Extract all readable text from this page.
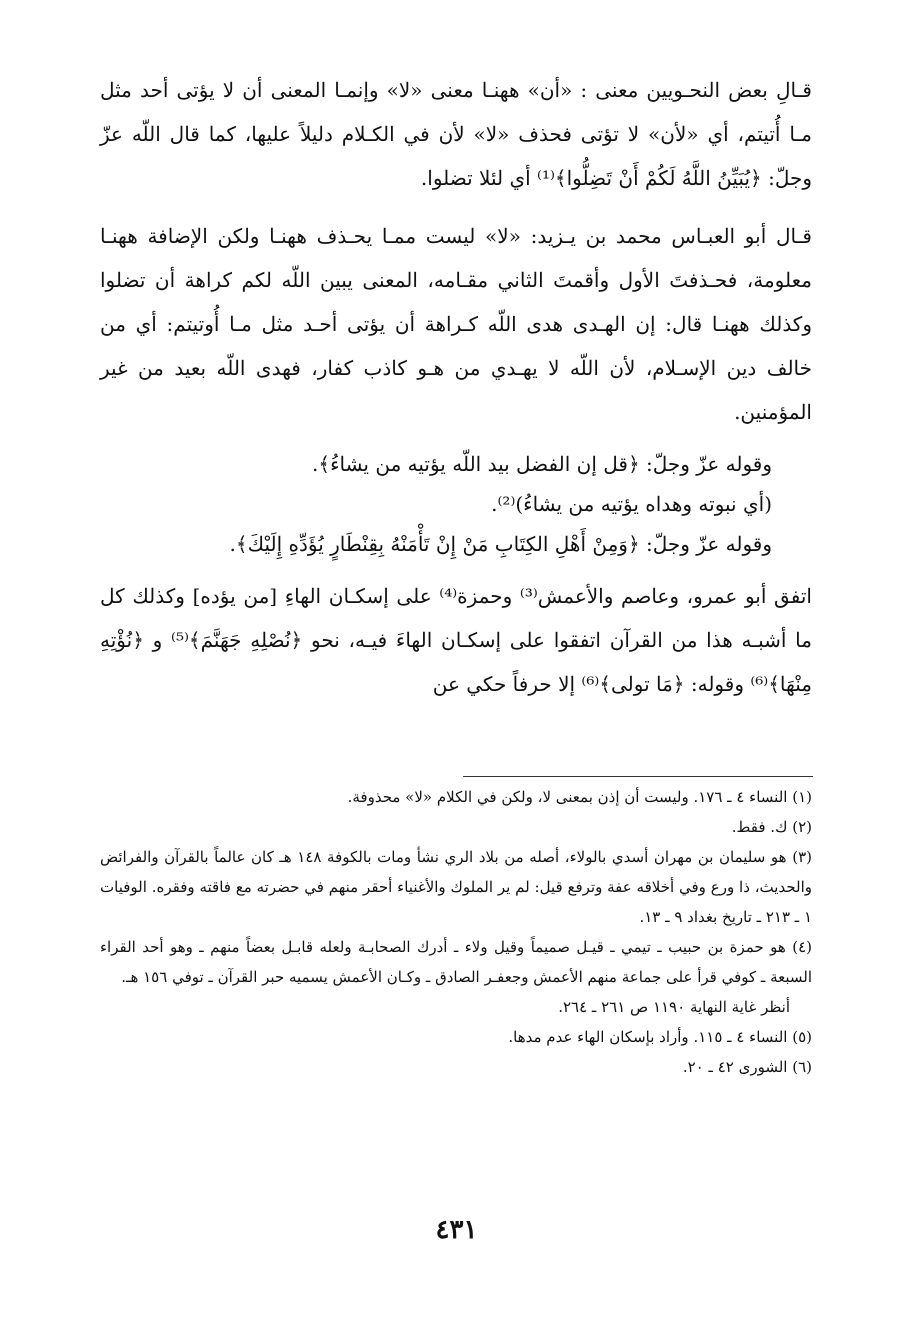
قـالِ بعض النحـويين معنى : «أن» ههنـا معنى «لا» وإنمـا المعنى أن لا يؤتى أحد مثل مـا أُتيتم، أي «لأن» لا تؤتى فحذف «لا» لأن في الكـلام دليلاً عليها، كما قال اللّه عزّ وجلّ: ﴿يُبَيِّنُ اللَّهُ لَكُمْ أَنْ تَضِلُّوا﴾⁽¹⁾ أي لئلا تضلوا.

قـال أبو العبـاس محمد بن يـزيد: «لا» ليست ممـا يحـذف ههنـا ولكن الإضافة ههنـا معلومة، فحـذفتَ الأول وأقمتَ الثاني مقـامه، المعنى يبين اللّه لكم كراهة أن تضلوا وكذلك ههنـا قال: إن الهـدى هدى اللّه كـراهة أن يؤتى أحـد مثل مـا أُوتيتم: أي من خالف دين الإسـلام، لأن اللّه لا يهـدي من هـو كاذب كفار، فهدى اللّه بعيد من غير المؤمنين.

وقوله عزّ وجلّ: ﴿قل إن الفضل بيد اللّه يؤتيه من يشاءُ﴾.

(أي نبوته وهداه يؤتيه من يشاءُ)⁽²⁾.

وقوله عزّ وجلّ: ﴿وَمِنْ أَهْلِ الكِتَابِ مَنْ إِنْ تَأْمَنْهُ بِقِنْطَارٍ يُؤَدِّهِ إِلَيْكَ﴾.

اتفق أبو عمرو، وعاصم والأعمش⁽³⁾ وحمزة⁽⁴⁾ على إسكـان الهاءِ [من يؤده] وكذلك كل ما أشبـه هذا من القرآن اتفقوا على إسكـان الهاءَ فيـه، نحو ﴿نُصْلِهِ جَهَنَّمَ﴾⁽⁵⁾ و ﴿نُؤْتِهِ مِنْهَا﴾⁽⁶⁾ وقوله: ﴿مَا تولى﴾⁽⁶⁾ إلا حرفاً حكي عن

(١) النساء ٤ ـ ١٧٦. وليست أن إذن بمعنى لا، ولكن في الكلام «لا» محذوفة.

(٢) ك. فقط.

(٣) هو سليمان بن مهران أسدي بالولاء، أصله من بلاد الري نشأ ومات بالكوفة ١٤٨ هـ كان عالماً بالقرآن والفرائض والحديث، ذا ورع وفي أخلاقه عفة وترفع قيل: لم ير الملوك والأغنياء أحقر منهم في حضرته مع فاقته وفقره. الوفيات ١ ـ ٢١٣ ـ تاريخ بغداد ٩ ـ ١٣.

(٤) هو حمزة بن حبيب ـ تيمي ـ قيـل صميماً وقيل ولاء ـ أدرك الصحابـة ولعله قابـل بعضاً منهم ـ وهو أحد القراء السبعة ـ كوفي قرأ على جماعة منهم الأعمش وجعفـر الصادق ـ وكـان الأعمش يسميه حبر القرآن ـ توفي ١٥٦ هـ.

أنظر غاية النهاية ١١٩٠ ص ٢٦١ ـ ٢٦٤.

(٥) النساء ٤ ـ ١١٥. وأراد بإسكان الهاء عدم مدها.

(٦) الشورى ٤٢ ـ ٢٠.

٤٣١
